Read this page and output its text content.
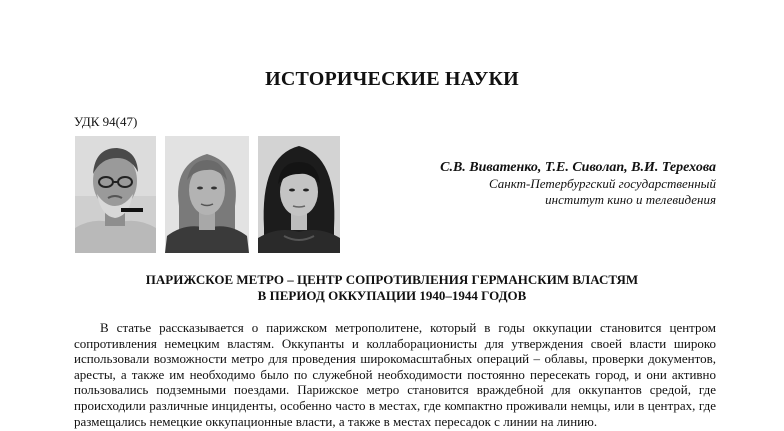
ИСТОРИЧЕСКИЕ НАУКИ
УДК 94(47)
С.В. Виватенко, Т.Е. Сиволап, В.И. Терехова
Санкт-Петербургский государственный
институт кино и телевидения
ПАРИЖСКОЕ МЕТРО – ЦЕНТР СОПРОТИВЛЕНИЯ ГЕРМАНСКИМ ВЛАСТЯМ
В ПЕРИОД ОККУПАЦИИ 1940–1944 ГОДОВ

В статье рассказывается о парижском метрополитене, который в годы оккупации становится центром сопротивления немецким властям. Оккупанты и коллаборационисты для утверждения своей власти широко использовали возможности метро для проведения широкомасштабных операций – облавы, проверки документов, аресты, а также им необходимо было по служебной необходимости постоянно пересекать город, и они активно пользовались подземными поездами. Парижское метро становится враждебной для оккупантов средой, где происходили различные инциденты, особенно часто в местах, где компактно проживали немцы, или в центрах, где размещались немецкие оккупационные власти, а также в местах пересадок с линии на линию.
